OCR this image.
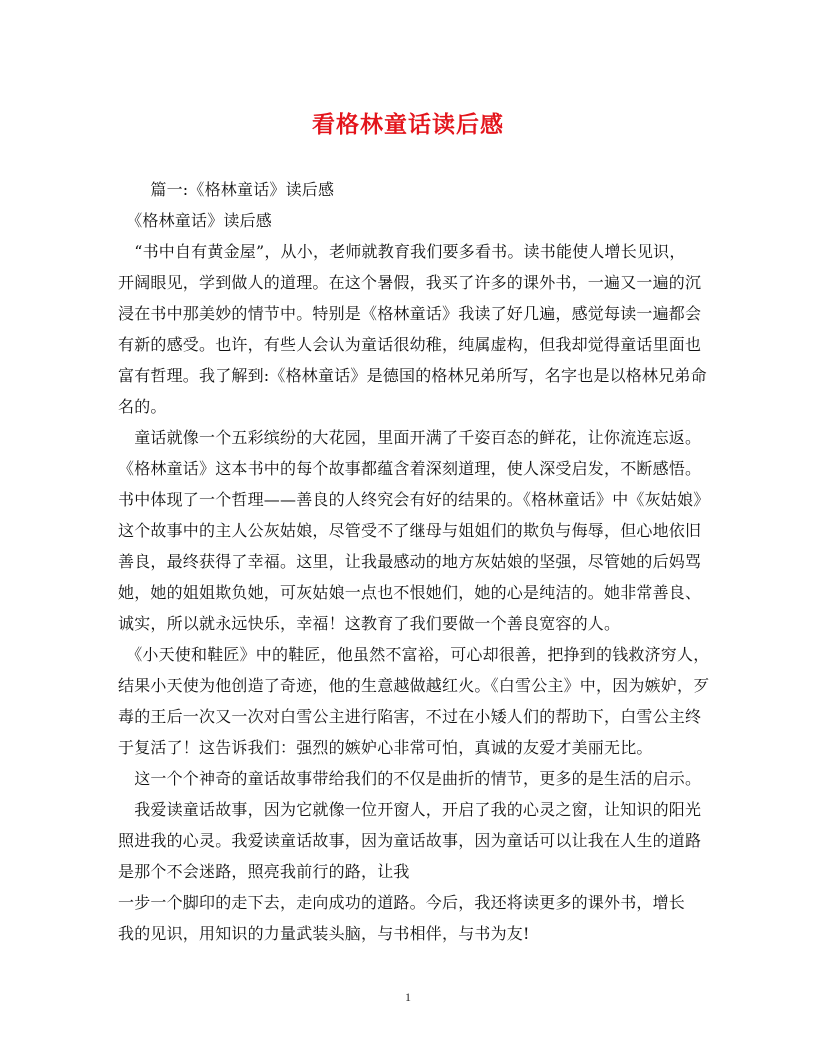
看格林童话读后感

　　篇一:《格林童话》读后感

　《格林童话》读后感

　“书中自有黄金屋”，从小，老师就教育我们要多看书。读书能使人增长见识，

开阔眼见，学到做人的道理。在这个暑假，我买了许多的课外书，一遍又一遍的沉

浸在书中那美妙的情节中。特别是《格林童话》我读了好几遍，感觉每读一遍都会

有新的感受。也许，有些人会认为童话很幼稚，纯属虚构，但我却觉得童话里面也

富有哲理。我了解到:《格林童话》是德国的格林兄弟所写，名字也是以格林兄弟命

名的。

　童话就像一个五彩缤纷的大花园，里面开满了千姿百态的鲜花，让你流连忘返。

《格林童话》这本书中的每个故事都蕴含着深刻道理，使人深受启发，不断感悟。

书中体现了一个哲理——善良的人终究会有好的结果的。《格林童话》中《灰姑娘》

这个故事中的主人公灰姑娘，尽管受不了继母与姐姐们的欺负与侮辱，但心地依旧

善良，最终获得了幸福。这里，让我最感动的地方灰姑娘的坚强，尽管她的后妈骂

她，她的姐姐欺负她，可灰姑娘一点也不恨她们，她的心是纯洁的。她非常善良、

诚实，所以就永远快乐，幸福！这教育了我们要做一个善良宽容的人。

　《小天使和鞋匠》中的鞋匠，他虽然不富裕，可心却很善，把挣到的钱救济穷人，

结果小天使为他创造了奇迹，他的生意越做越红火。《白雪公主》中，因为嫉妒，歹

毒的王后一次又一次对白雪公主进行陷害，不过在小矮人们的帮助下，白雪公主终

于复活了！这告诉我们：强烈的嫉妒心非常可怕，真诚的友爱才美丽无比。

　这一个个神奇的童话故事带给我们的不仅是曲折的情节，更多的是生活的启示。

　我爱读童话故事，因为它就像一位开窗人，开启了我的心灵之窗，让知识的阳光

照进我的心灵。我爱读童话故事，因为童话故事，因为童话可以让我在人生的道路

是那个不会迷路，照亮我前行的路，让我

一步一个脚印的走下去，走向成功的道路。今后，我还将读更多的课外书，增长

我的见识，用知识的力量武装头脑，与书相伴，与书为友!

1
